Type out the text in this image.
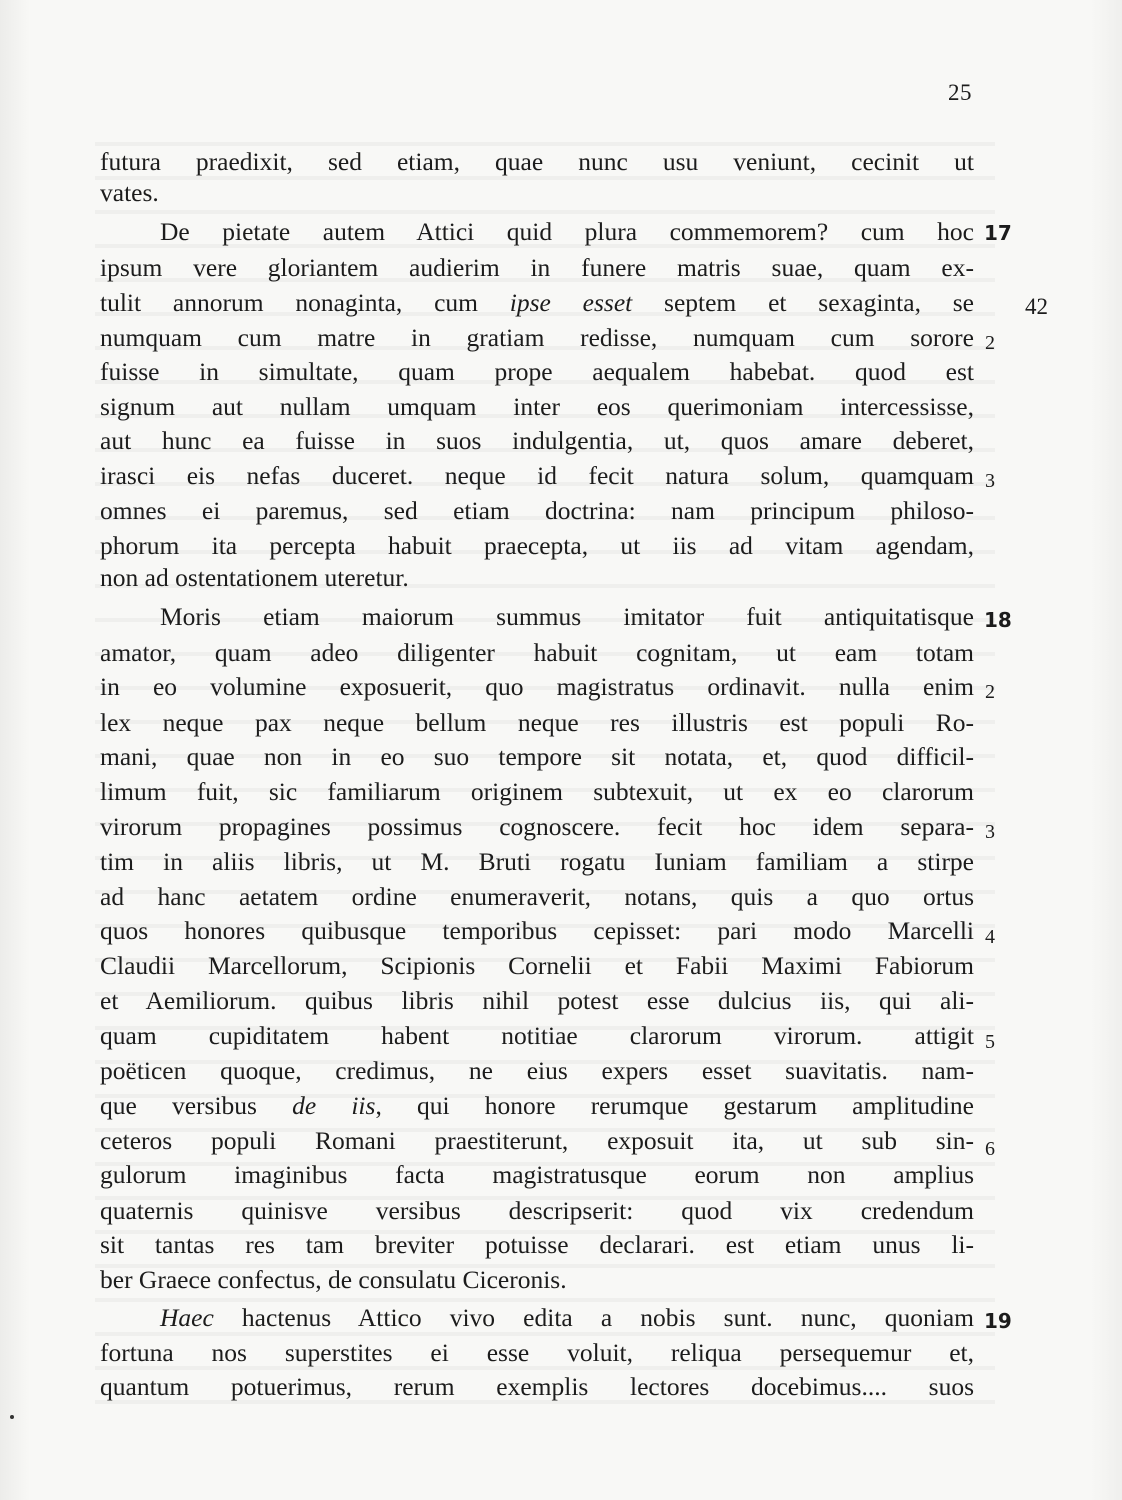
25
futura praedixit, sed etiam, quae nunc usu veniunt, cecinit ut
vates.
De pietate autem Attici quid plura commemorem? cum hoc
ipsum vere gloriantem audierim in funere matris suae, quam ex-
tulit annorum nonaginta, cum ipse esset septem et sexaginta, se
numquam cum matre in gratiam redisse, numquam cum sorore
fuisse in simultate, quam prope aequalem habebat. quod est
signum aut nullam umquam inter eos querimoniam intercessisse,
aut hunc ea fuisse in suos indulgentia, ut, quos amare deberet,
irasci eis nefas duceret. neque id fecit natura solum, quamquam
omnes ei paremus, sed etiam doctrina: nam principum philoso-
phorum ita percepta habuit praecepta, ut iis ad vitam agendam,
non ad ostentationem uteretur.
Moris etiam maiorum summus imitator fuit antiquitatisque
amator, quam adeo diligenter habuit cognitam, ut eam totam
in eo volumine exposuerit, quo magistratus ordinavit. nulla enim
lex neque pax neque bellum neque res illustris est populi Ro-
mani, quae non in eo suo tempore sit notata, et, quod difficil-
limum fuit, sic familiarum originem subtexuit, ut ex eo clarorum
virorum propagines possimus cognoscere. fecit hoc idem separa-
tim in aliis libris, ut M. Bruti rogatu Iuniam familiam a stirpe
ad hanc aetatem ordine enumeraverit, notans, quis a quo ortus
quos honores quibusque temporibus cepisset: pari modo Marcelli
Claudii Marcellorum, Scipionis Cornelii et Fabii Maximi Fabiorum
et Aemiliorum. quibus libris nihil potest esse dulcius iis, qui ali-
quam cupiditatem habent notitiae clarorum virorum. attigit
poëticen quoque, credimus, ne eius expers esset suavitatis. nam-
que versibus de iis, qui honore rerumque gestarum amplitudine
ceteros populi Romani praestiterunt, exposuit ita, ut sub sin-
gulorum imaginibus facta magistratusque eorum non amplius
quaternis quinisve versibus descripserit: quod vix credendum
sit tantas res tam breviter potuisse declarari. est etiam unus li-
ber Graece confectus, de consulatu Ciceronis.
Haec hactenus Attico vivo edita a nobis sunt. nunc, quoniam
fortuna nos superstites ei esse voluit, reliqua persequemur et,
quantum potuerimus, rerum exemplis lectores docebimus.... suos
17
42
2
3
18
2
3
4
5
6
19
